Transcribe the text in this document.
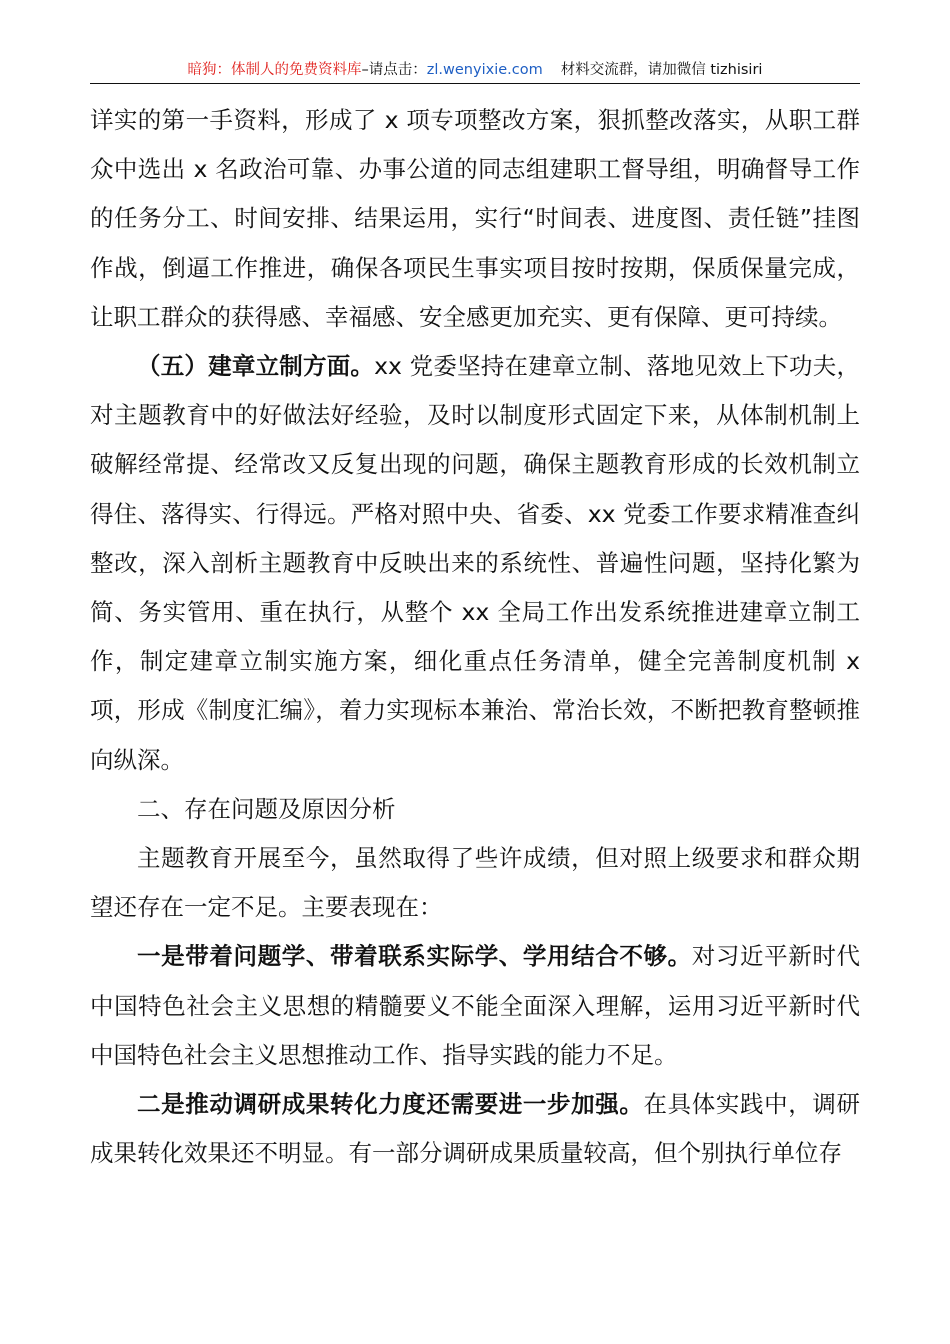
暗狗：体制人的免费资料库–请点击：zl.wenyixie.com 材料交流群，请加微信 tizhisiri

详实的第一手资料，形成了 x 项专项整改方案，狠抓整改落实，从职工群众中选出 x 名政治可靠、办事公道的同志组建职工督导组，明确督导工作的任务分工、时间安排、结果运用，实行“时间表、进度图、责任链”挂图作战，倒逼工作推进，确保各项民生事实项目按时按期，保质保量完成，让职工群众的获得感、幸福感、安全感更加充实、更有保障、更可持续。

（五）建章立制方面。xx 党委坚持在建章立制、落地见效上下功夫，对主题教育中的好做法好经验，及时以制度形式固定下来，从体制机制上破解经常提、经常改又反复出现的问题，确保主题教育形成的长效机制立得住、落得实、行得远。严格对照中央、省委、xx 党委工作要求精准查纠整改，深入剖析主题教育中反映出来的系统性、普遍性问题，坚持化繁为简、务实管用、重在执行，从整个 xx 全局工作出发系统推进建章立制工作，制定建章立制实施方案，细化重点任务清单，健全完善制度机制 x 项，形成《制度汇编》，着力实现标本兼治、常治长效，不断把教育整顿推向纵深。

二、存在问题及原因分析

主题教育开展至今，虽然取得了些许成绩，但对照上级要求和群众期望还存在一定不足。主要表现在：

一是带着问题学、带着联系实际学、学用结合不够。对习近平新时代中国特色社会主义思想的精髓要义不能全面深入理解，运用习近平新时代中国特色社会主义思想推动工作、指导实践的能力不足。

二是推动调研成果转化力度还需要进一步加强。在具体实践中，调研成果转化效果还不明显。有一部分调研成果质量较高，但个别执行单位存
